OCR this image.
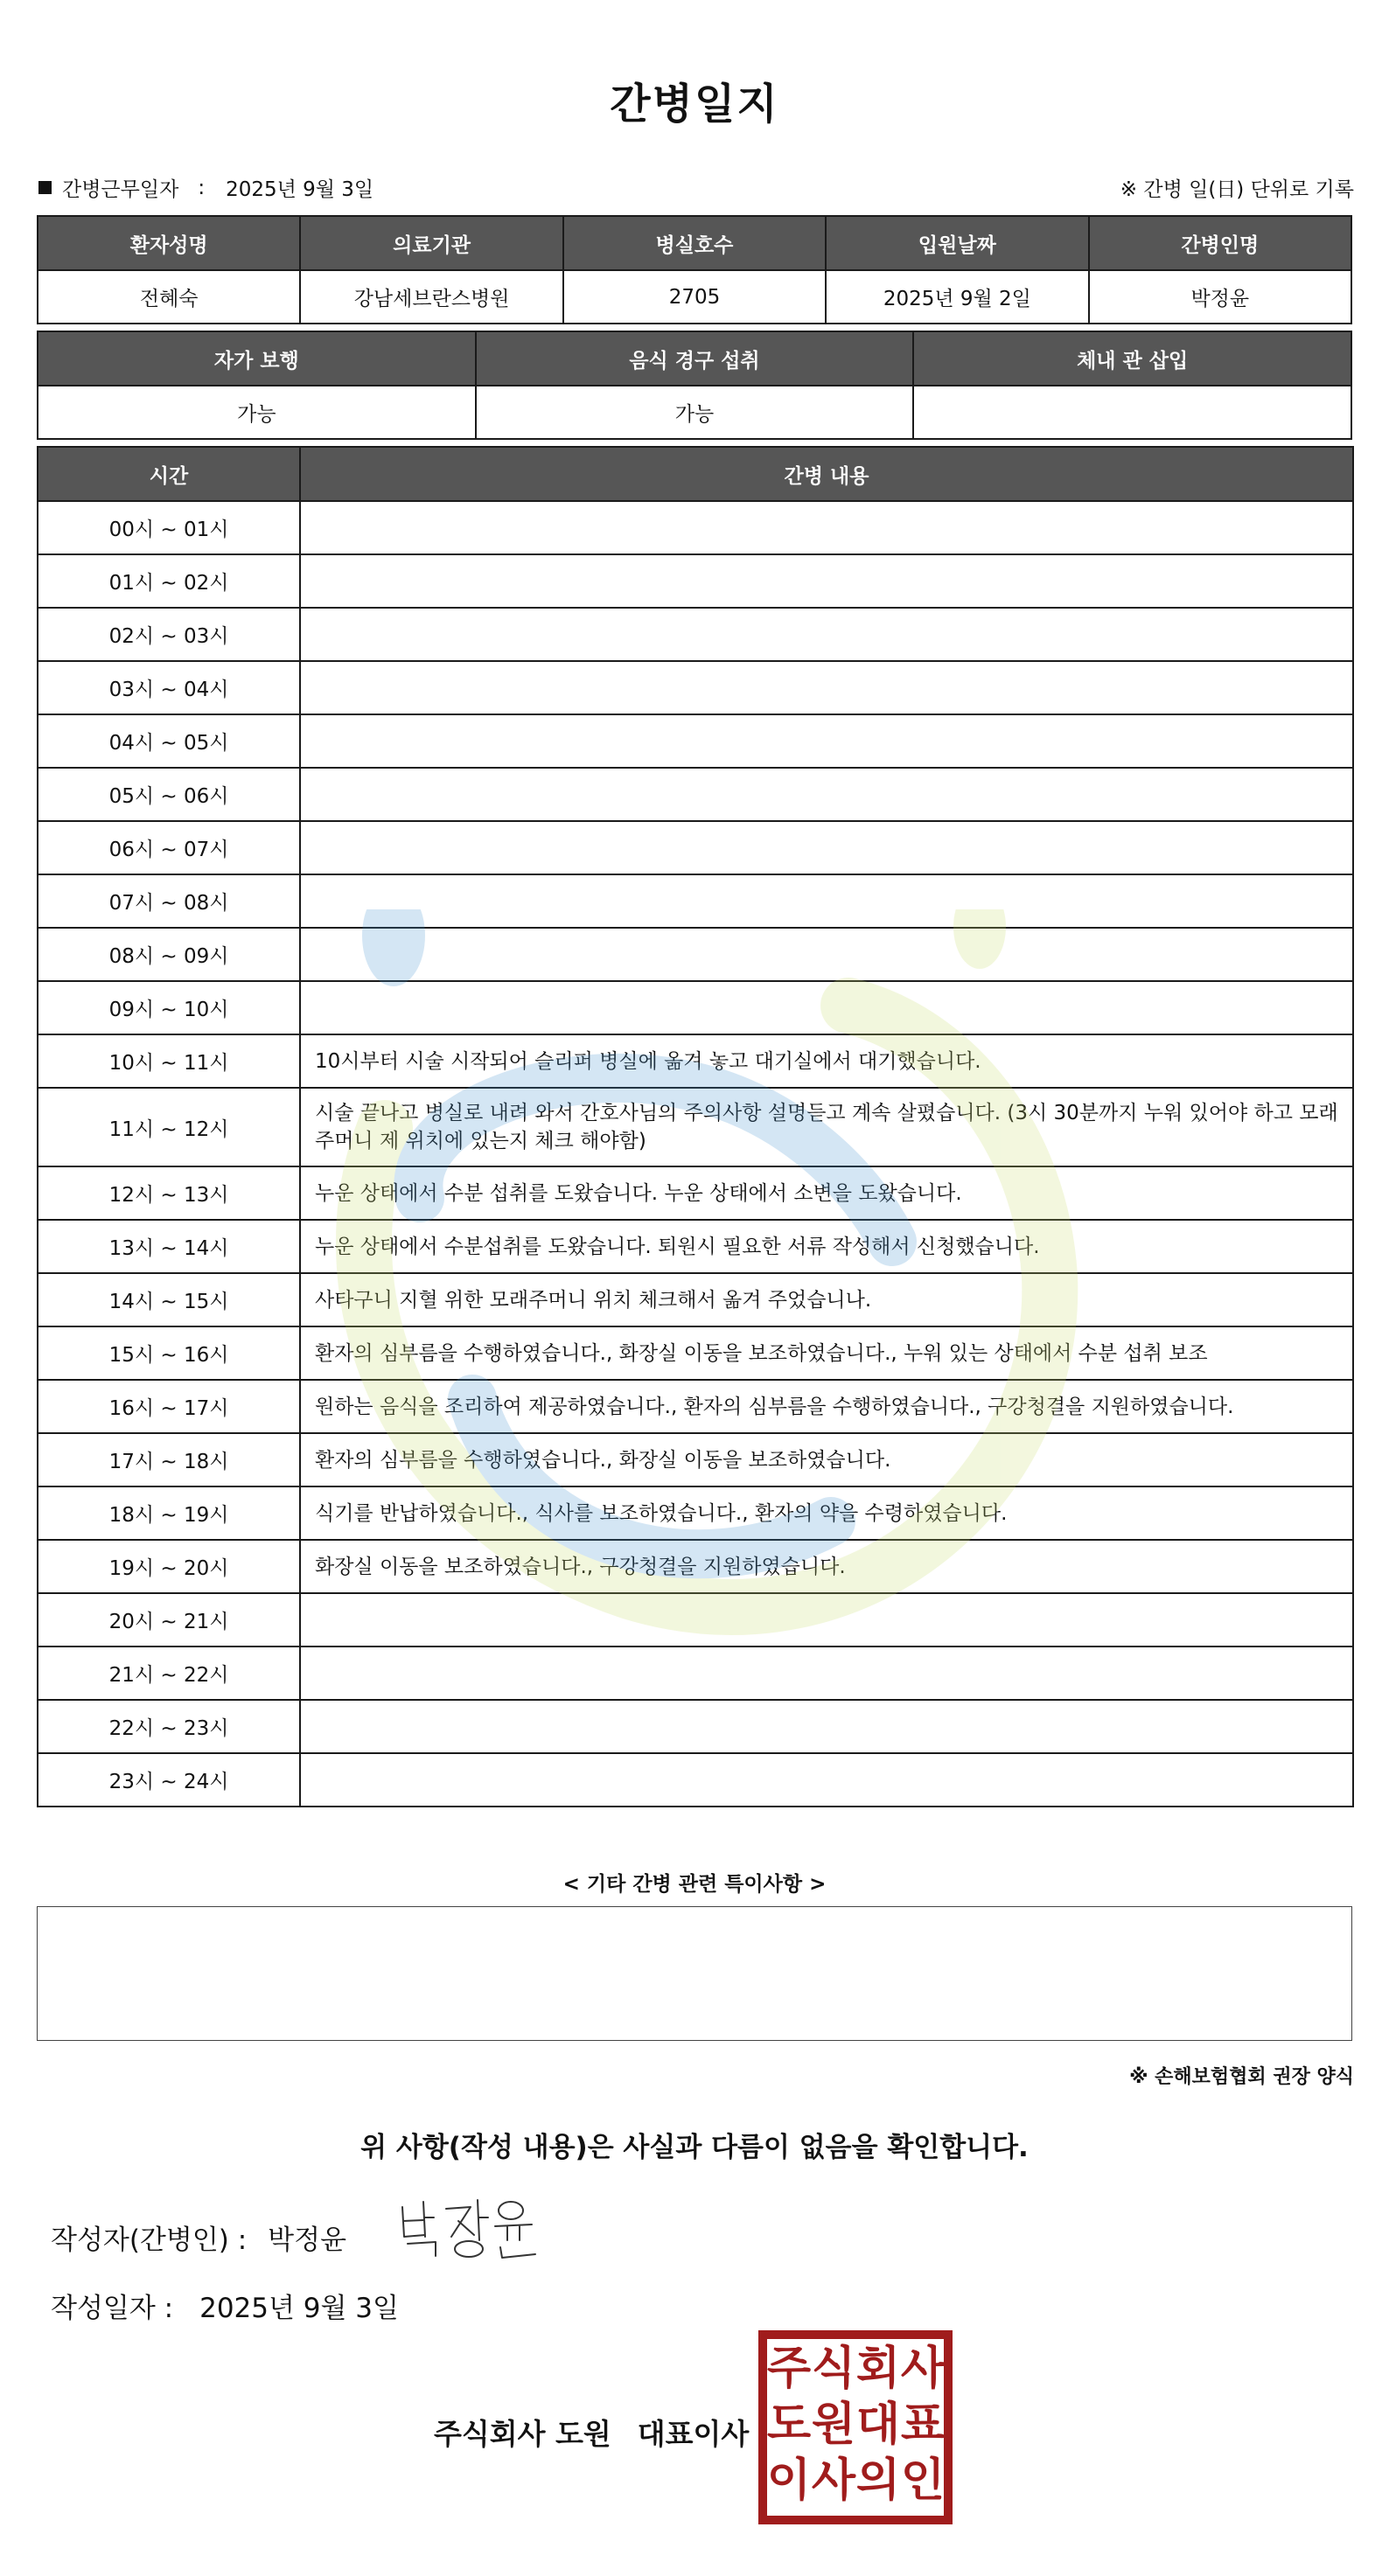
간병일지
간병근무일자 : 2025년 9월 3일	※ 간병 일(日) 단위로 기록
환자성명	의료기관	병실호수	입원날짜	간병인명
전혜숙	강남세브란스병원	2705	2025년 9월 2일	박정윤
자가 보행	음식 경구 섭취	체내 관 삽입
가능	가능	
시간	간병 내용
00시 ~ 01시	
01시 ~ 02시	
02시 ~ 03시	
03시 ~ 04시	
04시 ~ 05시	
05시 ~ 06시	
06시 ~ 07시	
07시 ~ 08시	
08시 ~ 09시	
09시 ~ 10시	
10시 ~ 11시	10시부터 시술 시작되어 슬리퍼 병실에 옮겨 놓고 대기실에서 대기했습니다.
11시 ~ 12시	시술 끝나고 병실로 내려 와서 간호사님의 주의사항 설명듣고 계속 살폈습니다. (3시 30분까지 누워 있어야 하고 모래주머니 제 위치에 있는지 체크 해야함)
12시 ~ 13시	누운 상태에서 수분 섭취를 도왔습니다. 누운 상태에서 소변을 도왔습니다.
13시 ~ 14시	누운 상태에서 수분섭취를 도왔습니다. 퇴원시 필요한 서류 작성해서 신청했습니다.
14시 ~ 15시	사타구니 지혈 위한 모래주머니 위치 체크해서 옮겨 주었습니나.
15시 ~ 16시	환자의 심부름을 수행하였습니다., 화장실 이동을 보조하였습니다., 누워 있는 상태에서 수분 섭취 보조
16시 ~ 17시	원하는 음식을 조리하여 제공하였습니다., 환자의 심부름을 수행하였습니다., 구강청결을 지원하였습니다.
17시 ~ 18시	환자의 심부름을 수행하였습니다., 화장실 이동을 보조하였습니다.
18시 ~ 19시	식기를 반납하였습니다., 식사를 보조하였습니다., 환자의 약을 수령하였습니다.
19시 ~ 20시	화장실 이동을 보조하였습니다., 구강청결을 지원하였습니다.
20시 ~ 21시	
21시 ~ 22시	
22시 ~ 23시	
23시 ~ 24시	
< 기타 간병 관련 특이사항 >
※ 손해보험협회 권장 양식
위 사항(작성 내용)은 사실과 다름이 없음을 확인합니다.
작성자(간병인) : 박정윤
작성일자 : 2025년 9월 3일
주식회사 도원 대표이사
주 식 회 사
도 원 대 표
이 사 의 인
